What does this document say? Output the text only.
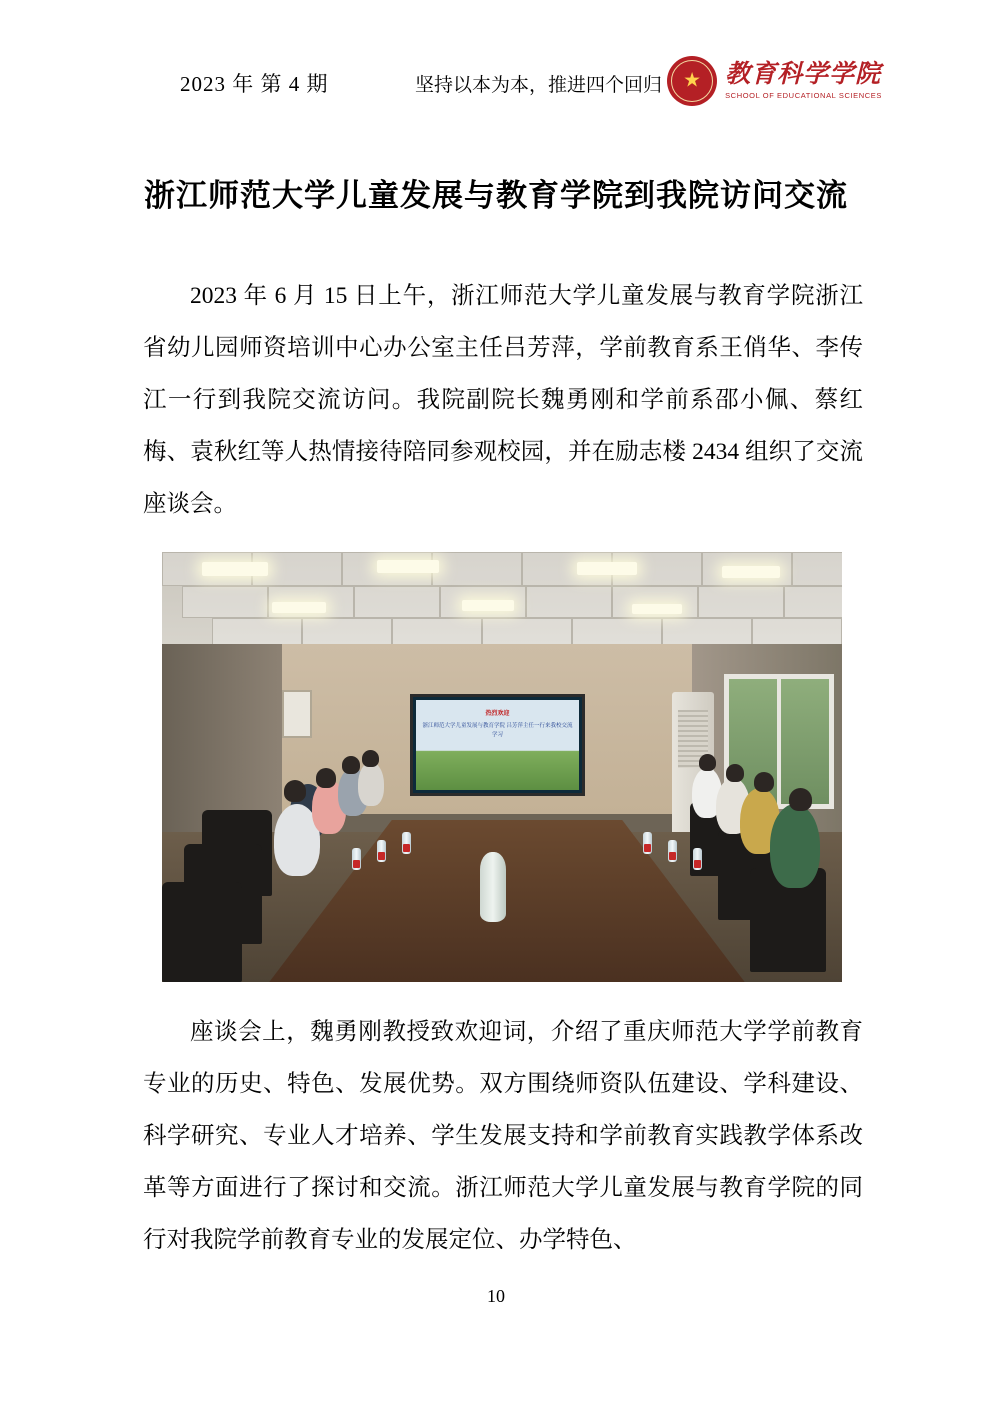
2023 年 第 4 期	坚持以本为本，推进四个回归 ★ 教育科学学院
SCHOOL OF EDUCATIONAL SCIENCES
浙江师范大学儿童发展与教育学院到我院访问交流

2023 年 6 月 15 日上午，浙江师范大学儿童发展与教育学院浙江省幼儿园师资培训中心办公室主任吕芳萍，学前教育系王俏华、李传江一行到我院交流访问。我院副院长魏勇刚和学前系邵小佩、蔡红梅、袁秋红等人热情接待陪同参观校园，并在励志楼 2434 组织了交流座谈会。

热烈欢迎
浙江师范大学儿童发展与教育学院 吕芳萍主任一行来我校交流学习

座谈会上，魏勇刚教授致欢迎词，介绍了重庆师范大学学前教育专业的历史、特色、发展优势。双方围绕师资队伍建设、学科建设、科学研究、专业人才培养、学生发展支持和学前教育实践教学体系改革等方面进行了探讨和交流。浙江师范大学儿童发展与教育学院的同行对我院学前教育专业的发展定位、办学特色、

10
